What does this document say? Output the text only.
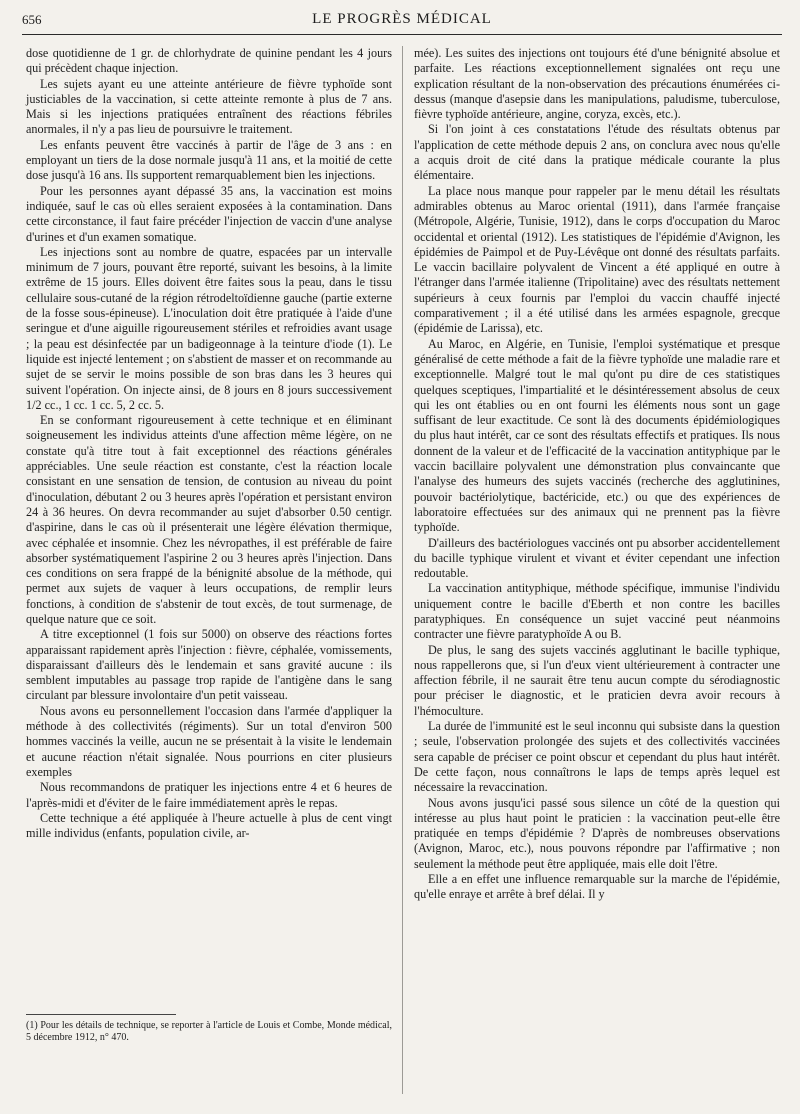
656	LE PROGRÈS MÉDICAL

dose quotidienne de 1 gr. de chlorhydrate de quinine pendant les 4 jours qui précèdent chaque injection.

Les sujets ayant eu une atteinte antérieure de fièvre typhoïde sont justiciables de la vaccination, si cette atteinte remonte à plus de 7 ans. Mais si les injections pratiquées entraînent des réactions fébriles anormales, il n'y a pas lieu de poursuivre le traitement.

Les enfants peuvent être vaccinés à partir de l'âge de 3 ans : en employant un tiers de la dose normale jusqu'à 11 ans, et la moitié de cette dose jusqu'à 16 ans. Ils supportent remarquablement bien les injections.

Pour les personnes ayant dépassé 35 ans, la vaccination est moins indiquée, sauf le cas où elles seraient exposées à la contamination. Dans cette circonstance, il faut faire précéder l'injection de vaccin d'une analyse d'urines et d'un examen somatique.

Les injections sont au nombre de quatre, espacées par un intervalle minimum de 7 jours, pouvant être reporté, suivant les besoins, à la limite extrême de 15 jours. Elles doivent être faites sous la peau, dans le tissu cellulaire sous-cutané de la région rétrodeltoïdienne gauche (partie externe de la fosse sous-épineuse). L'inoculation doit être pratiquée à l'aide d'une seringue et d'une aiguille rigoureusement stériles et refroidies avant usage ; la peau est désinfectée par un badigeonnage à la teinture d'iode (1). Le liquide est injecté lentement ; on s'abstient de masser et on recommande au sujet de se servir le moins possible de son bras dans les 3 heures qui suivent l'opération. On injecte ainsi, de 8 jours en 8 jours successivement 1/2 cc., 1 cc. 1 cc. 5, 2 cc. 5.

En se conformant rigoureusement à cette technique et en éliminant soigneusement les individus atteints d'une affection même légère, on ne constate qu'à titre tout à fait exceptionnel des réactions générales appréciables. Une seule réaction est constante, c'est la réaction locale consistant en une sensation de tension, de contusion au niveau du point d'inoculation, débutant 2 ou 3 heures après l'opération et persistant environ 24 à 36 heures. On devra recommander au sujet d'absorber 0.50 centigr. d'aspirine, dans le cas où il présenterait une légère élévation thermique, avec céphalée et insomnie. Chez les névropathes, il est préférable de faire absorber systématiquement l'aspirine 2 ou 3 heures après l'injection. Dans ces conditions on sera frappé de la bénignité absolue de la méthode, qui permet aux sujets de vaquer à leurs occupations, de remplir leurs fonctions, à condition de s'abstenir de tout excès, de tout surmenage, de quelque nature que ce soit.

A titre exceptionnel (1 fois sur 5000) on observe des réactions fortes apparaissant rapidement après l'injection : fièvre, céphalée, vomissements, disparaissant d'ailleurs dès le lendemain et sans gravité aucune : ils semblent imputables au passage trop rapide de l'antigène dans le sang circulant par blessure involontaire d'un petit vaisseau.

Nous avons eu personnellement l'occasion dans l'armée d'appliquer la méthode à des collectivités (régiments). Sur un total d'environ 500 hommes vaccinés la veille, aucun ne se présentait à la visite le lendemain et aucune réaction n'était signalée. Nous pourrions en citer plusieurs exemples

Nous recommandons de pratiquer les injections entre 4 et 6 heures de l'après-midi et d'éviter de le faire immédiatement après le repas.

Cette technique a été appliquée à l'heure actuelle à plus de cent vingt mille individus (enfants, population civile, ar-

mée). Les suites des injections ont toujours été d'une bénignité absolue et parfaite. Les réactions exceptionnellement signalées ont reçu une explication résultant de la non-observation des précautions énumérées ci-dessus (manque d'asepsie dans les manipulations, paludisme, tuberculose, fièvre typhoïde antérieure, angine, coryza, excès, etc.).

Si l'on joint à ces constatations l'étude des résultats obtenus par l'application de cette méthode depuis 2 ans, on conclura avec nous qu'elle a acquis droit de cité dans la pratique médicale courante la plus élémentaire.

La place nous manque pour rappeler par le menu détail les résultats admirables obtenus au Maroc oriental (1911), dans l'armée française (Métropole, Algérie, Tunisie, 1912), dans le corps d'occupation du Maroc occidental et oriental (1912). Les statistiques de l'épidémie d'Avignon, les épidémies de Paimpol et de Puy-Lévêque ont donné des résultats parfaits. Le vaccin bacillaire polyvalent de Vincent a été appliqué en outre à l'étranger dans l'armée italienne (Tripolitaine) avec des résultats nettement supérieurs à ceux fournis par l'emploi du vaccin chauffé injecté comparativement ; il a été utilisé dans les armées espagnole, grecque (épidémie de Larissa), etc.

Au Maroc, en Algérie, en Tunisie, l'emploi systématique et presque généralisé de cette méthode a fait de la fièvre typhoïde une maladie rare et exceptionnelle. Malgré tout le mal qu'ont pu dire de ces statistiques quelques sceptiques, l'impartialité et le désintéressement absolus de ceux qui les ont établies ou en ont fourni les éléments nous sont un gage suffisant de leur exactitude. Ce sont là des documents épidémiologiques du plus haut intérêt, car ce sont des résultats effectifs et pratiques. Ils nous donnent de la valeur et de l'efficacité de la vaccination antityphique par le vaccin bacillaire polyvalent une démonstration plus convaincante que l'analyse des humeurs des sujets vaccinés (recherche des agglutinines, pouvoir bactériolytique, bactéricide, etc.) ou que des expériences de laboratoire effectuées sur des animaux qui ne prennent pas la fièvre typhoïde.

D'ailleurs des bactériologues vaccinés ont pu absorber accidentellement du bacille typhique virulent et vivant et éviter cependant une infection redoutable.

La vaccination antityphique, méthode spécifique, immunise l'individu uniquement contre le bacille d'Eberth et non contre les bacilles paratyphiques. En conséquence un sujet vacciné peut néanmoins contracter une fièvre paratyphoïde A ou B.

De plus, le sang des sujets vaccinés agglutinant le bacille typhique, nous rappellerons que, si l'un d'eux vient ultérieurement à contracter une affection fébrile, il ne saurait être tenu aucun compte du sérodiagnostic pour préciser le diagnostic, et le praticien devra avoir recours à l'hémoculture.

La durée de l'immunité est le seul inconnu qui subsiste dans la question ; seule, l'observation prolongée des sujets et des collectivités vaccinées sera capable de préciser ce point obscur et cependant du plus haut intérêt. De cette façon, nous connaîtrons le laps de temps après lequel est nécessaire la revaccination.

Nous avons jusqu'ici passé sous silence un côté de la question qui intéresse au plus haut point le praticien : la vaccination peut-elle être pratiquée en temps d'épidémie ? D'après de nombreuses observations (Avignon, Maroc, etc.), nous pouvons répondre par l'affirmative ; non seulement la méthode peut être appliquée, mais elle doit l'être.

Elle a en effet une influence remarquable sur la marche de l'épidémie, qu'elle enraye et arrête à bref délai. Il y

(1) Pour les détails de technique, se reporter à l'article de Louis et Combe, Monde médical, 5 décembre 1912, n° 470.
